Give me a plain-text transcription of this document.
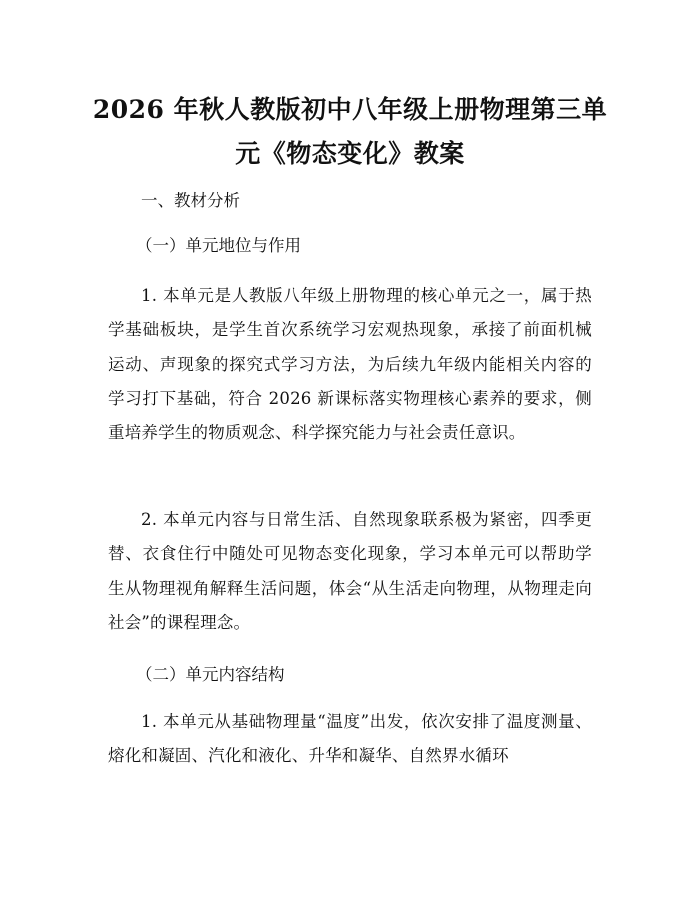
2026 年秋人教版初中八年级上册物理第三单
元《物态变化》教案

一、教材分析

（一）单元地位与作用

1. 本单元是人教版八年级上册物理的核心单元之一，属于热学基础板块，是学生首次系统学习宏观热现象，承接了前面机械运动、声现象的探究式学习方法，为后续九年级内能相关内容的学习打下基础，符合 2026 新课标落实物理核心素养的要求，侧重培养学生的物质观念、科学探究能力与社会责任意识。

2. 本单元内容与日常生活、自然现象联系极为紧密，四季更替、衣食住行中随处可见物态变化现象，学习本单元可以帮助学生从物理视角解释生活问题，体会“从生活走向物理，从物理走向社会”的课程理念。

（二）单元内容结构

1. 本单元从基础物理量“温度”出发，依次安排了温度测量、熔化和凝固、汽化和液化、升华和凝华、自然界水循环
